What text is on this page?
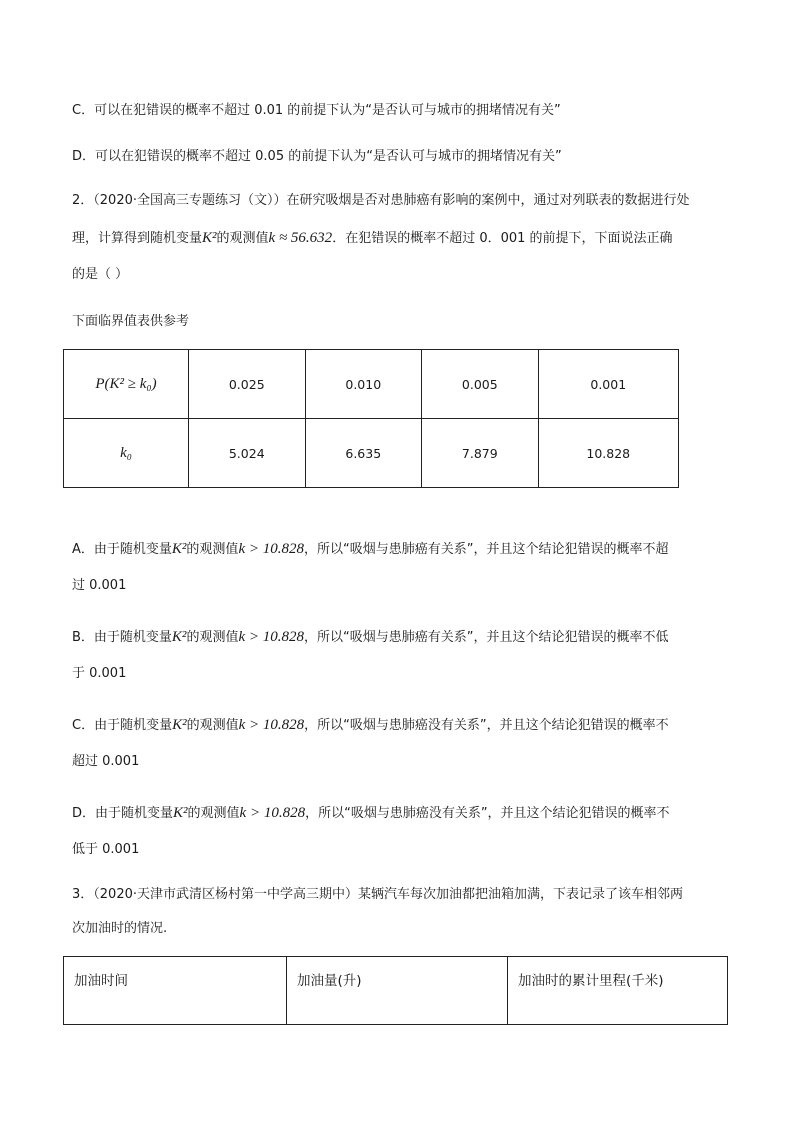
C．可以在犯错误的概率不超过 0.01 的前提下认为“是否认可与城市的拥堵情况有关”
D．可以在犯错误的概率不超过 0.05 的前提下认为“是否认可与城市的拥堵情况有关”
2．（2020·全国高三专题练习（文））在研究吸烟是否对患肺癌有影响的案例中，通过对列联表的数据进行处
理，计算得到随机变量K²的观测值k ≈ 56.632．在犯错误的概率不超过 0．001 的前提下，下面说法正确
的是（ ）
下面临界值表供参考
P(K² ≥ k₀)	0.025	0.010	0.005	0.001
k₀	5.024	6.635	7.879	10.828
A．由于随机变量K²的观测值k > 10.828，所以“吸烟与患肺癌有关系”，并且这个结论犯错误的概率不超
过 0.001
B．由于随机变量K²的观测值k > 10.828，所以“吸烟与患肺癌有关系”，并且这个结论犯错误的概率不低
于 0.001
C．由于随机变量K²的观测值k > 10.828，所以“吸烟与患肺癌没有关系”，并且这个结论犯错误的概率不
超过 0.001
D．由于随机变量K²的观测值k > 10.828，所以“吸烟与患肺癌没有关系”，并且这个结论犯错误的概率不
低于 0.001
3．（2020·天津市武清区杨村第一中学高三期中）某辆汽车每次加油都把油箱加满，下表记录了该车相邻两
次加油时的情况.
加油时间	加油量(升)	加油时的累计里程(千米)
